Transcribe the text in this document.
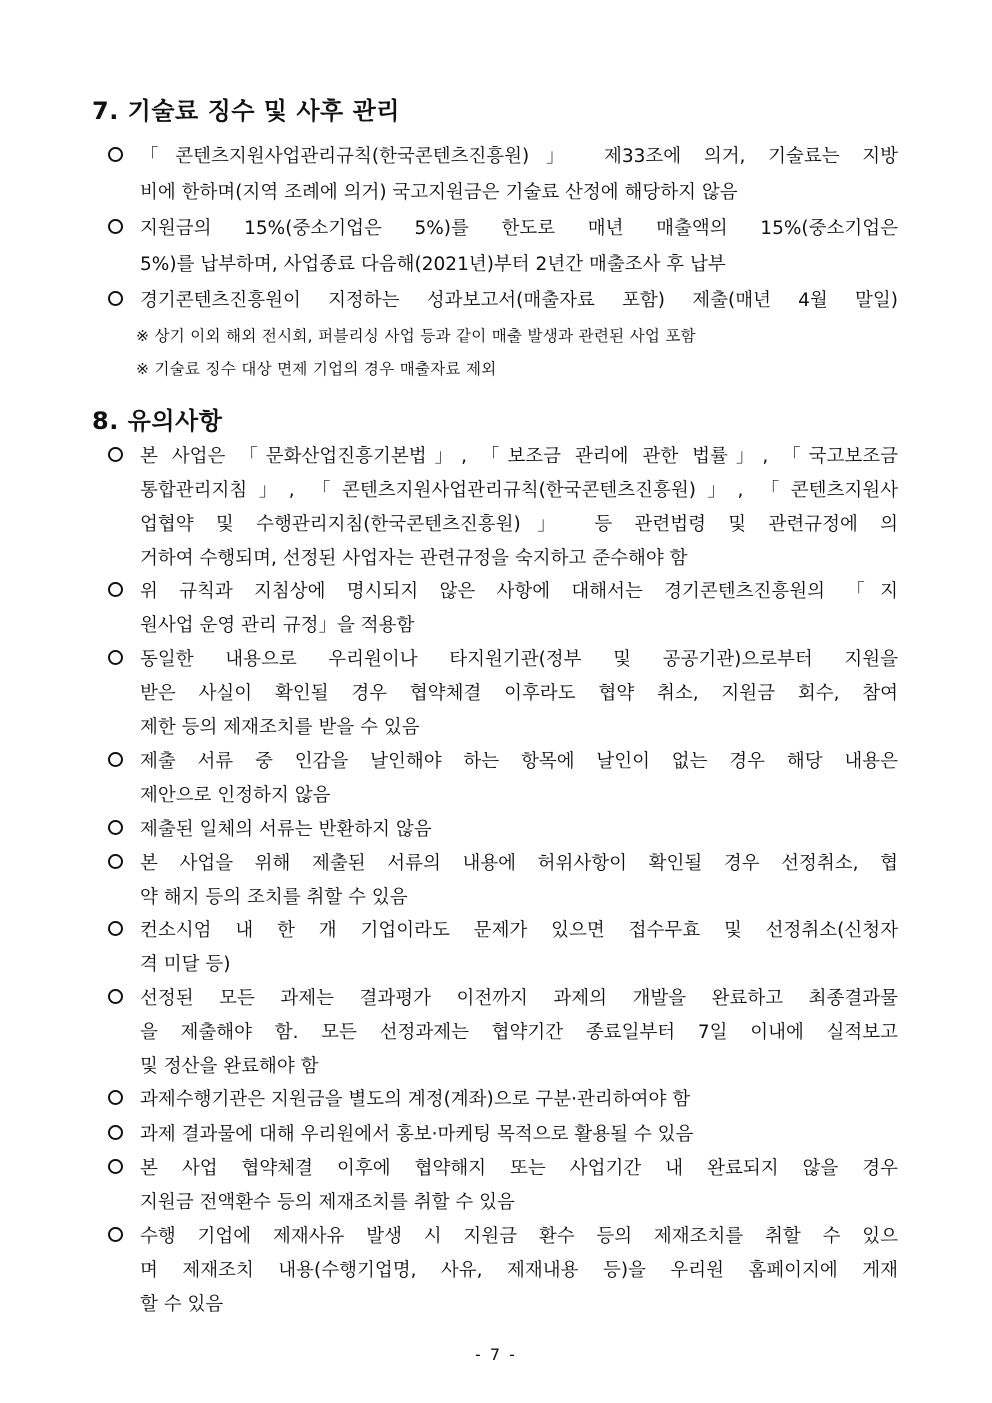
7. 기술료 징수 및 사후 관리
「콘텐츠지원사업관리규칙(한국콘텐츠진흥원)」 제33조에 의거, 기술료는 지방
비에 한하며(지역 조례에 의거) 국고지원금은 기술료 산정에 해당하지 않음
지원금의 15%(중소기업은 5%)를 한도로 매년 매출액의 15%(중소기업은
5%)를 납부하며, 사업종료 다음해(2021년)부터 2년간 매출조사 후 납부
경기콘텐츠진흥원이 지정하는 성과보고서(매출자료 포함) 제출(매년 4월 말일)
※ 상기 이외 해외 전시회, 퍼블리싱 사업 등과 같이 매출 발생과 관련된 사업 포함
※ 기술료 징수 대상 면제 기업의 경우 매출자료 제외
8. 유의사항
본 사업은 「문화산업진흥기본법」, 「보조금 관리에 관한 법률」, 「국고보조금
통합관리지침」, 「콘텐츠지원사업관리규칙(한국콘텐츠진흥원)」, 「콘텐츠지원사
업협약 및 수행관리지침(한국콘텐츠진흥원)」 등 관련법령 및 관련규정에 의
거하여 수행되며, 선정된 사업자는 관련규정을 숙지하고 준수해야 함
위 규칙과 지침상에 명시되지 않은 사항에 대해서는 경기콘텐츠진흥원의 「지
원사업 운영 관리 규정」을 적용함
동일한 내용으로 우리원이나 타지원기관(정부 및 공공기관)으로부터 지원을
받은 사실이 확인될 경우 협약체결 이후라도 협약 취소, 지원금 회수, 참여
제한 등의 제재조치를 받을 수 있음
제출 서류 중 인감을 날인해야 하는 항목에 날인이 없는 경우 해당 내용은
제안으로 인정하지 않음
제출된 일체의 서류는 반환하지 않음
본 사업을 위해 제출된 서류의 내용에 허위사항이 확인될 경우 선정취소, 협
약 해지 등의 조치를 취할 수 있음
컨소시엄 내 한 개 기업이라도 문제가 있으면 접수무효 및 선정취소(신청자
격 미달 등)
선정된 모든 과제는 결과평가 이전까지 과제의 개발을 완료하고 최종결과물
을 제출해야 함. 모든 선정과제는 협약기간 종료일부터 7일 이내에 실적보고
및 정산을 완료해야 함
과제수행기관은 지원금을 별도의 계정(계좌)으로 구분·관리하여야 함
과제 결과물에 대해 우리원에서 홍보·마케팅 목적으로 활용될 수 있음
본 사업 협약체결 이후에 협약해지 또는 사업기간 내 완료되지 않을 경우
지원금 전액환수 등의 제재조치를 취할 수 있음
수행 기업에 제재사유 발생 시 지원금 환수 등의 제재조치를 취할 수 있으
며 제재조치 내용(수행기업명, 사유, 제재내용 등)을 우리원 홈페이지에 게재
할 수 있음
- 7 -
